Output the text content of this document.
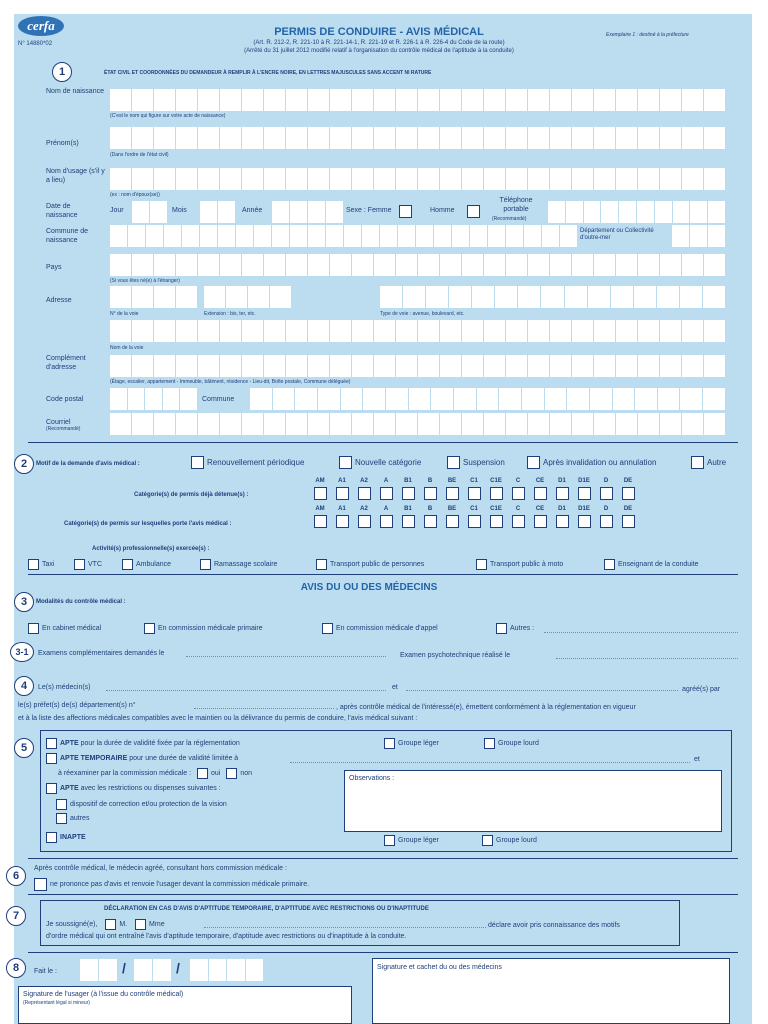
cerfa
N° 14880*02
PERMIS DE CONDUIRE - AVIS MÉDICAL
(Art. R. 212-2, R. 221-10 à R. 221-14-1, R. 221-19 et R. 226-1 à R. 226-4 du Code de la route)
(Arrêté du 31 juillet 2012 modifié relatif à l'organisation du contrôle médical de l'aptitude à la conduite)
Exemplaire 1 : destiné à la préfecture
1	ÉTAT CIVIL ET COORDONNÉES DU DEMANDEUR À REMPLIR À L'ENCRE NOIRE, EN LETTRES MAJUSCULES SANS ACCENT NI RATURE
Nom de naissance
(C'est le nom qui figure sur votre acte de naissance)
Prénom(s)
(Dans l'ordre de l'état civil)
Nom d'usage (s'il y a lieu)
(ex : nom d'époux(se))
Date de naissance
Jour	Mois	Année	Sexe : Femme	Homme
Téléphone portable
(Recommandé)
Commune de naissance
Département ou Collectivité d'outre-mer
Pays
(Si vous êtes né(e) à l'étranger)
Adresse
N° de la voie	Extension : bis, ter, etc.	Type de voie : avenue, boulevard, etc.
Nom de la voie
Complément d'adresse
(Étage, escalier, appartement - Immeuble, bâtiment, résidence - Lieu-dit, Boîte postale, Commune déléguée)
Code postal	Commune
Courriel
(Recommandé)
2	Motif de la demande d'avis médical :	Renouvellement périodique	Nouvelle catégorie	Suspension	Après invalidation ou annulation	Autre
Catégorie(s) de permis déjà détenue(s) :
Catégorie(s) de permis sur lesquelles porte l'avis médical :
AM	A1	A2	A	B1	B	BE	C1	C1E	C	CE	D1	D1E	D	DE
AM	A1	A2	A	B1	B	BE	C1	C1E	C	CE	D1	D1E	D	DE
Activité(s) professionnelle(s) exercée(s) :
Taxi	VTC	Ambulance	Ramassage scolaire	Transport public de personnes	Transport public à moto	Enseignant de la conduite
AVIS DU OU DES MÉDECINS
3	Modalités du contrôle médical :
En cabinet médical	En commission médicale primaire	En commission médicale d'appel	Autres :
3-1	Examens complémentaires demandés le	Examen psychotechnique réalisé le
4	Le(s) médecin(s)	et	agréé(s) par
le(s) préfet(s) de(s) département(s) n°	, après contrôle médical de l'intéressé(e), émettent conformément à la réglementation en vigueur
et à la liste des affections médicales compatibles avec le maintien ou la délivrance du permis de conduire, l'avis médical suivant :
5	APTE pour la durée de validité fixée par la réglementation	Groupe léger	Groupe lourd
APTE TEMPORAIRE pour une durée de validité limitée à	et
à réexaminer par la commission médicale :	oui	non
Observations :
APTE avec les restrictions ou dispenses suivantes :
dispositif de correction et/ou protection de la vision
autres
INAPTE	Groupe léger	Groupe lourd
6
Après contrôle médical, le médecin agréé, consultant hors commission médicale :
ne prononce pas d'avis et renvoie l'usager devant la commission médicale primaire.
7
DÉCLARATION EN CAS D'AVIS D'APTITUDE TEMPORAIRE, D'APTITUDE AVEC RESTRICTIONS OU D'INAPTITUDE
Je soussigné(e),	M.	Mme	déclare avoir pris connaissance des motifs
d'ordre médical qui ont entraîné l'avis d'aptitude temporaire, d'aptitude avec restrictions ou d'inaptitude à la conduite.
8	Fait le :	/	/	Signature et cachet du ou des médecins
Signature de l'usager (à l'issue du contrôle médical)
(Représentant légal si mineur)
